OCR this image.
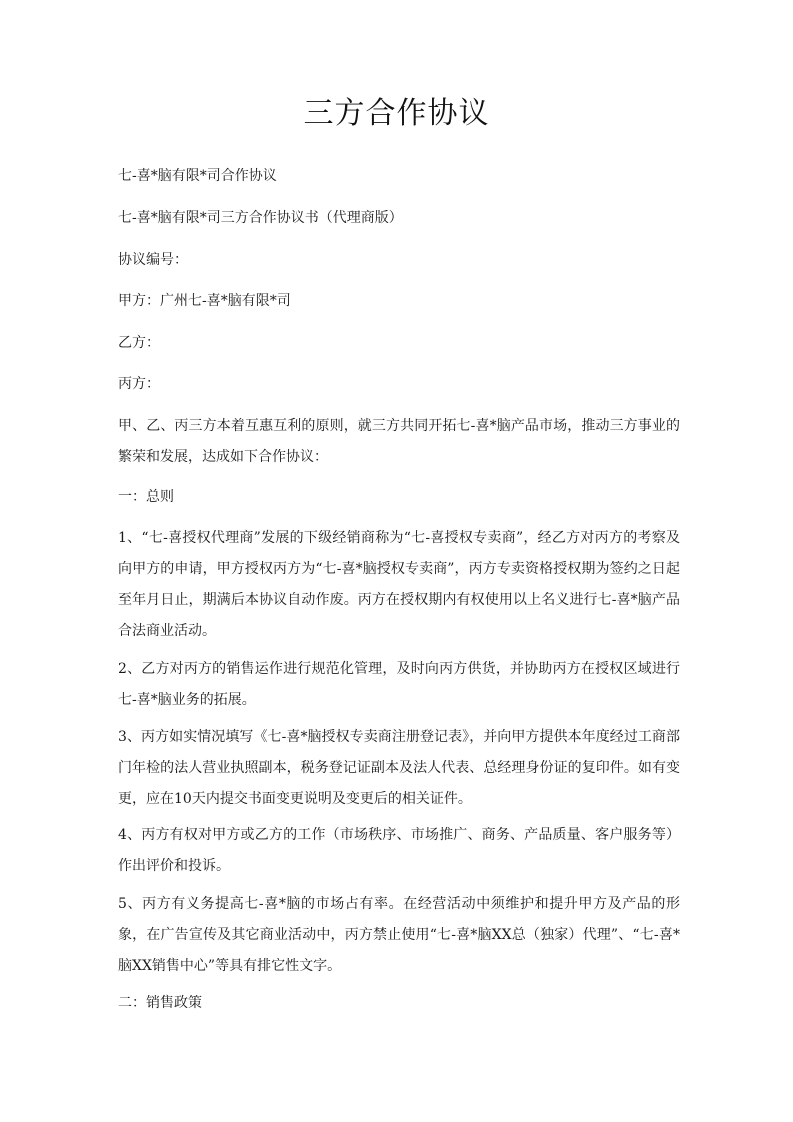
三方合作协议
七-喜*脑有限*司合作协议
七-喜*脑有限*司三方合作协议书（代理商版）
协议编号：
甲方：广州七-喜*脑有限*司
乙方：
丙方：
甲、乙、丙三方本着互惠互利的原则，就三方共同开拓七-喜*脑产品市场，推动三方事业的繁荣和发展，达成如下合作协议：
一：总则
1、“七-喜授权代理商”发展的下级经销商称为“七-喜授权专卖商”，经乙方对丙方的考察及向甲方的申请，甲方授权丙方为“七-喜*脑授权专卖商”，丙方专卖资格授权期为签约之日起至年月日止，期满后本协议自动作废。丙方在授权期内有权使用以上名义进行七-喜*脑产品合法商业活动。
2、乙方对丙方的销售运作进行规范化管理，及时向丙方供货，并协助丙方在授权区域进行七-喜*脑业务的拓展。
3、丙方如实情况填写《七-喜*脑授权专卖商注册登记表》，并向甲方提供本年度经过工商部门年检的法人营业执照副本，税务登记证副本及法人代表、总经理身份证的复印件。如有变更，应在10天内提交书面变更说明及变更后的相关证件。
4、丙方有权对甲方或乙方的工作（市场秩序、市场推广、商务、产品质量、客户服务等）作出评价和投诉。
5、丙方有义务提高七-喜*脑的市场占有率。在经营活动中须维护和提升甲方及产品的形象，在广告宣传及其它商业活动中，丙方禁止使用“七-喜*脑XX总（独家）代理”、“七-喜*脑XX销售中心”等具有排它性文字。
二：销售政策
